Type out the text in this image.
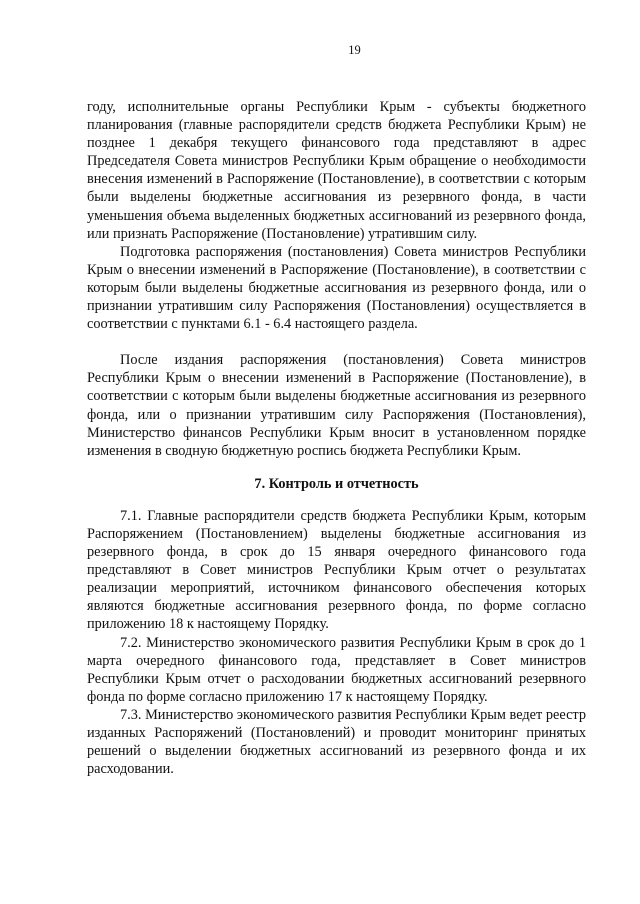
19

году, исполнительные органы Республики Крым - субъекты бюджетного планирования (главные распорядители средств бюджета Республики Крым) не позднее 1 декабря текущего финансового года представляют в адрес Председателя Совета министров Республики Крым обращение о необходимости внесения изменений в Распоряжение (Постановление), в соответствии с которым были выделены бюджетные ассигнования из резервного фонда, в части уменьшения объема выделенных бюджетных ассигнований из резервного фонда, или признать Распоряжение (Постановление) утратившим силу.

Подготовка распоряжения (постановления) Совета министров Республики Крым о внесении изменений в Распоряжение (Постановление), в соответствии с которым были выделены бюджетные ассигнования из резервного фонда, или о признании утратившим силу Распоряжения (Постановления) осуществляется в соответствии с пунктами 6.1 - 6.4 настоящего раздела.

После издания распоряжения (постановления) Совета министров Республики Крым о внесении изменений в Распоряжение (Постановление), в соответствии с которым были выделены бюджетные ассигнования из резервного фонда, или о признании утратившим силу Распоряжения (Постановления), Министерство финансов Республики Крым вносит в установленном порядке изменения в сводную бюджетную роспись бюджета Республики Крым.

7. Контроль и отчетность

7.1. Главные распорядители средств бюджета Республики Крым, которым Распоряжением (Постановлением) выделены бюджетные ассигнования из резервного фонда, в срок до 15 января очередного финансового года представляют в Совет министров Республики Крым отчет о результатах реализации мероприятий, источником финансового обеспечения которых являются бюджетные ассигнования резервного фонда, по форме согласно приложению 18 к настоящему Порядку.

7.2. Министерство экономического развития Республики Крым в срок до 1 марта очередного финансового года, представляет в Совет министров Республики Крым отчет о расходовании бюджетных ассигнований резервного фонда по форме согласно приложению 17 к настоящему Порядку.

7.3. Министерство экономического развития Республики Крым ведет реестр изданных Распоряжений (Постановлений) и проводит мониторинг принятых решений о выделении бюджетных ассигнований из резервного фонда и их расходовании.
